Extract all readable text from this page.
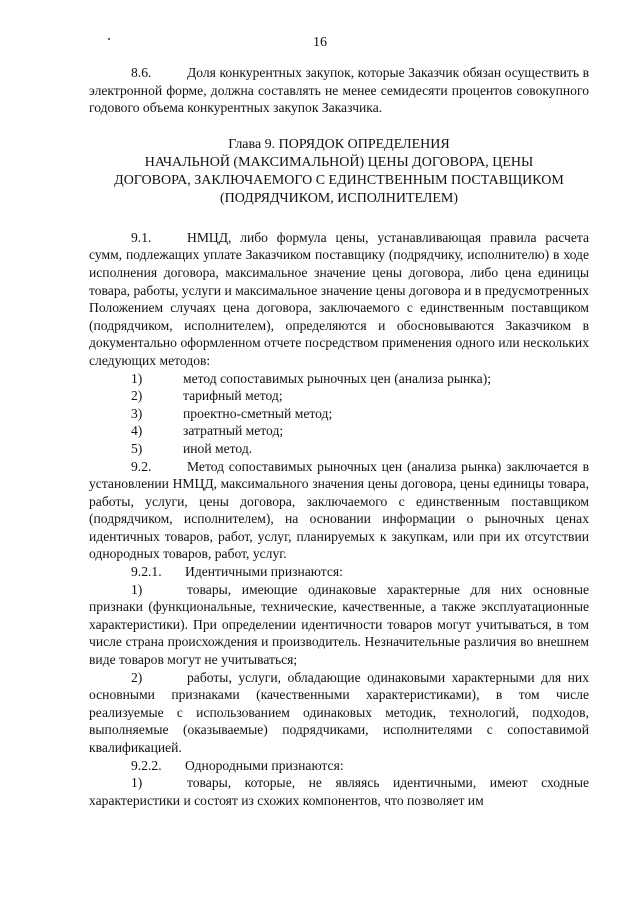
16

8.6.	Доля конкурентных закупок, которые Заказчик обязан осуществить в электронной форме, должна составлять не менее семидесяти процентов совокупного годового объема конкурентных закупок Заказчика.

Глава 9. ПОРЯДОК ОПРЕДЕЛЕНИЯ
НАЧАЛЬНОЙ (МАКСИМАЛЬНОЙ) ЦЕНЫ ДОГОВОРА, ЦЕНЫ
ДОГОВОРА, ЗАКЛЮЧАЕМОГО С ЕДИНСТВЕННЫМ ПОСТАВЩИКОМ
(ПОДРЯДЧИКОМ, ИСПОЛНИТЕЛЕМ)

9.1.	НМЦД, либо формула цены, устанавливающая правила расчета сумм, подлежащих уплате Заказчиком поставщику (подрядчику, исполнителю) в ходе исполнения договора, максимальное значение цены договора, либо цена единицы товара, работы, услуги и максимальное значение цены договора и в предусмотренных Положением случаях цена договора, заключаемого с единственным поставщиком (подрядчиком, исполнителем), определяются и обосновываются Заказчиком в документально оформленном отчете посредством применения одного или нескольких следующих методов:

1)	метод сопоставимых рыночных цен (анализа рынка);

2)	тарифный метод;

3)	проектно-сметный метод;

4)	затратный метод;

5)	иной метод.

9.2.	Метод сопоставимых рыночных цен (анализа рынка) заключается в установлении НМЦД, максимального значения цены договора, цены единицы товара, работы, услуги, цены договора, заключаемого с единственным поставщиком (подрядчиком, исполнителем), на основании информации о рыночных ценах идентичных товаров, работ, услуг, планируемых к закупкам, или при их отсутствии однородных товаров, работ, услуг.

9.2.1. Идентичными признаются:

1)	товары, имеющие одинаковые характерные для них основные признаки (функциональные, технические, качественные, а также эксплуатационные характеристики). При определении идентичности товаров могут учитываться, в том числе страна происхождения и производитель. Незначительные различия во внешнем виде товаров могут не учитываться;

2)	работы, услуги, обладающие одинаковыми характерными для них основными признаками (качественными характеристиками), в том числе реализуемые с использованием одинаковых методик, технологий, подходов, выполняемые (оказываемые) подрядчиками, исполнителями с сопоставимой квалификацией.

9.2.2. Однородными признаются:

1)	товары, которые, не являясь идентичными, имеют сходные характеристики и состоят из схожих компонентов, что позволяет им
